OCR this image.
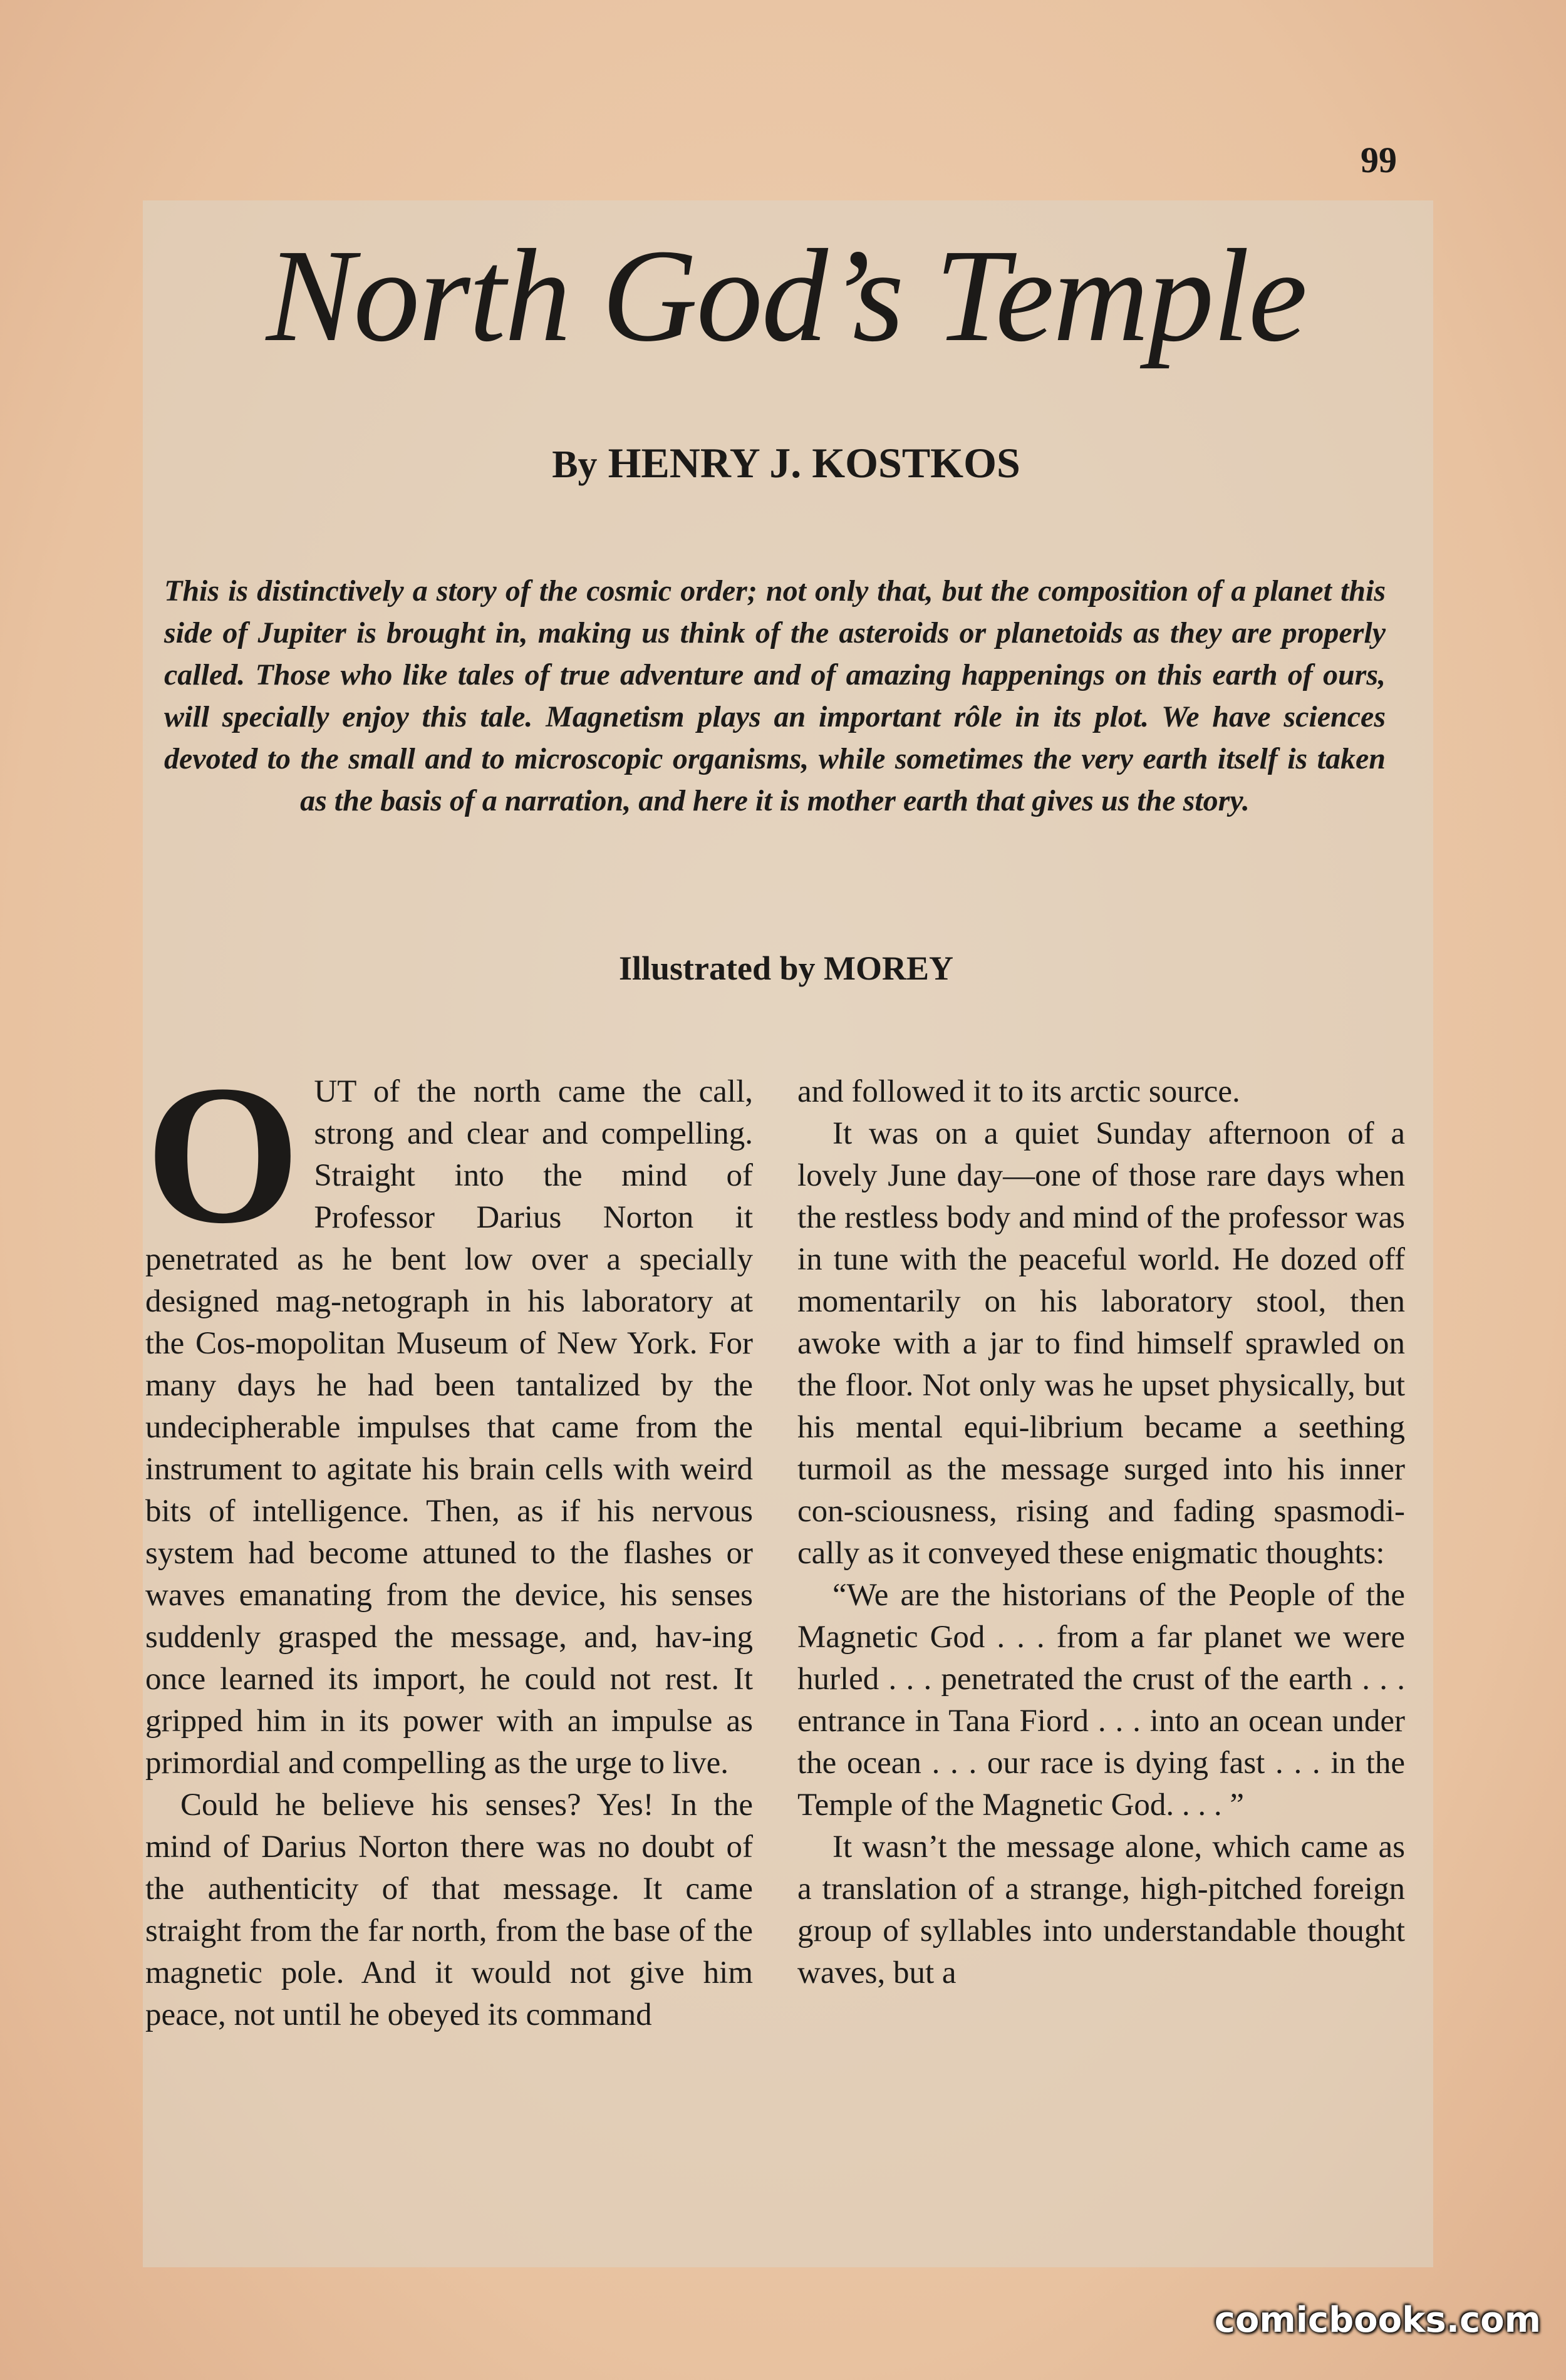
99
North God’s Temple
By HENRY J. KOSTKOS
This is distinctively a story of the cosmic order; not only that, but the composition of a planet this side of Jupiter is brought in, making us think of the asteroids or planetoids as they are properly called. Those who like tales of true adventure and of amazing happenings on this earth of ours, will specially enjoy this tale. Magnetism plays an important rôle in its plot. We have sciences devoted to the small and to microscopic organisms, while sometimes the very earth itself is taken as the basis of a narration, and here it is mother earth that gives us the story.
Illustrated by MOREY

OUT of the north came the call, strong and clear and compelling. Straight into the mind of Professor Darius Norton it penetrated as he bent low over a specially designed mag-netograph in his laboratory at the Cos-mopolitan Museum of New York. For many days he had been tantalized by the undecipherable impulses that came from the instrument to agitate his brain cells with weird bits of intelligence. Then, as if his nervous system had become attuned to the flashes or waves emanating from the device, his senses suddenly grasped the message, and, hav-ing once learned its import, he could not rest. It gripped him in its power with an impulse as primordial and compelling as the urge to live.

Could he believe his senses? Yes! In the mind of Darius Norton there was no doubt of the authenticity of that message. It came straight from the far north, from the base of the magnetic pole. And it would not give him peace, not until he obeyed its command

and followed it to its arctic source.

It was on a quiet Sunday afternoon of a lovely June day—one of those rare days when the restless body and mind of the professor was in tune with the peaceful world. He dozed off momentarily on his laboratory stool, then awoke with a jar to find himself sprawled on the floor. Not only was he upset physically, but his mental equi-librium became a seething turmoil as the message surged into his inner con-sciousness, rising and fading spasmodi-cally as it conveyed these enigmatic thoughts:

“We are the historians of the People of the Magnetic God . . . from a far planet we were hurled . . . penetrated the crust of the earth . . . entrance in Tana Fiord . . . into an ocean under the ocean . . . our race is dying fast . . . in the Temple of the Magnetic God. . . . ”

It wasn’t the message alone, which came as a translation of a strange, high-pitched foreign group of syllables into understandable thought waves, but a

comicbooks.com
